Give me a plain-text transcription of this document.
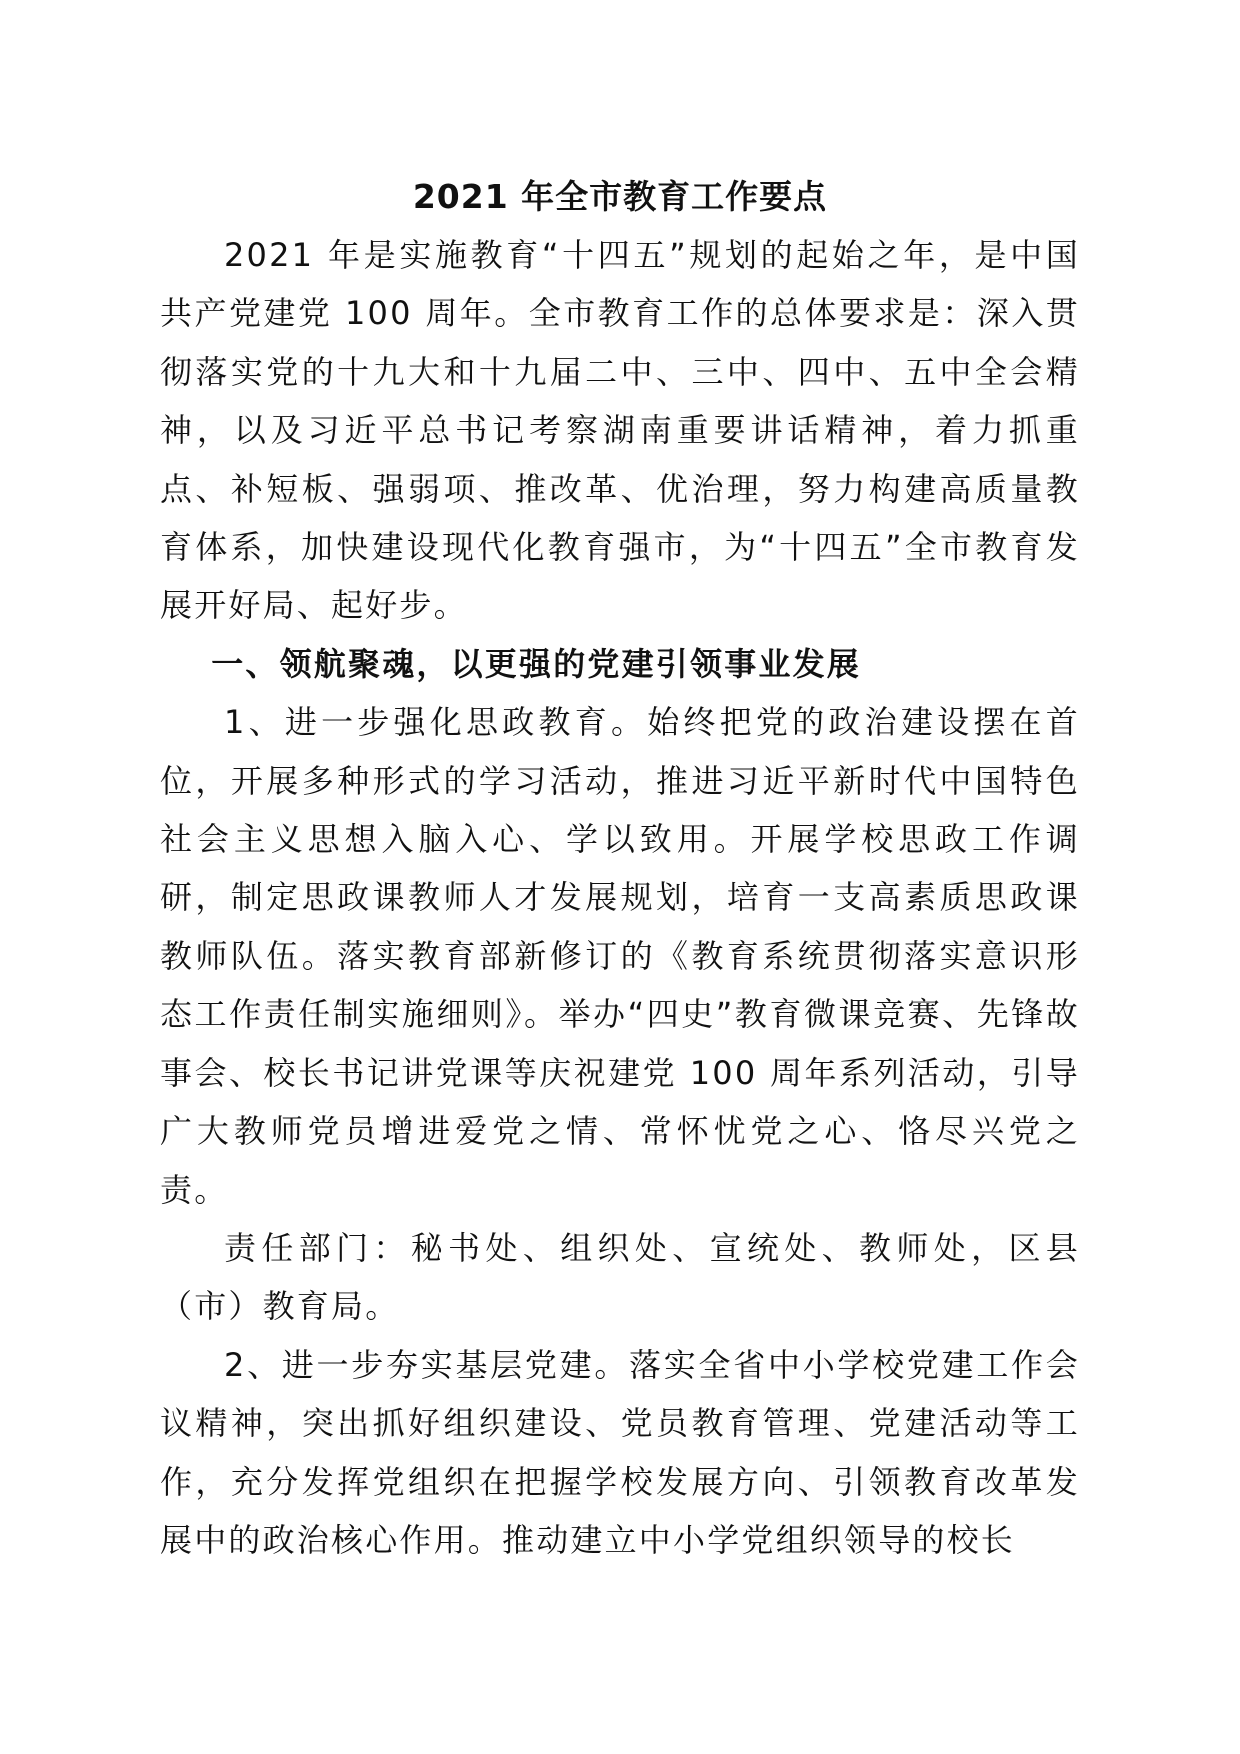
2021 年全市教育工作要点

2021 年是实施教育“十四五”规划的起始之年，是中国共产党建党 100 周年。全市教育工作的总体要求是：深入贯彻落实党的十九大和十九届二中、三中、四中、五中全会精神，以及习近平总书记考察湖南重要讲话精神，着力抓重点、补短板、强弱项、推改革、优治理，努力构建高质量教育体系，加快建设现代化教育强市，为“十四五”全市教育发展开好局、起好步。

一、领航聚魂，以更强的党建引领事业发展

1、进一步强化思政教育。始终把党的政治建设摆在首位，开展多种形式的学习活动，推进习近平新时代中国特色社会主义思想入脑入心、学以致用。开展学校思政工作调研，制定思政课教师人才发展规划，培育一支高素质思政课教师队伍。落实教育部新修订的《教育系统贯彻落实意识形态工作责任制实施细则》。举办“四史”教育微课竞赛、先锋故事会、校长书记讲党课等庆祝建党 100 周年系列活动，引导广大教师党员增进爱党之情、常怀忧党之心、恪尽兴党之责。

责任部门：秘书处、组织处、宣统处、教师处，区县（市）教育局。

2、进一步夯实基层党建。落实全省中小学校党建工作会议精神，突出抓好组织建设、党员教育管理、党建活动等工作，充分发挥党组织在把握学校发展方向、引领教育改革发展中的政治核心作用。推动建立中小学党组织领导的校长
